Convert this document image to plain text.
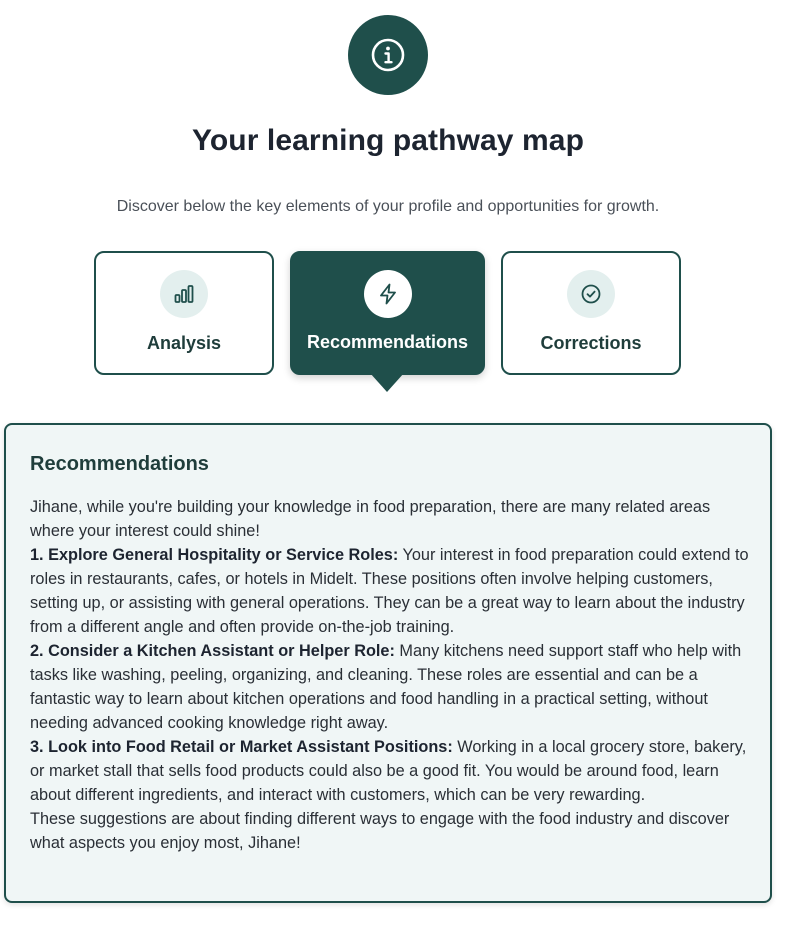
Your learning pathway map
Discover below the key elements of your profile and opportunities for growth.
Analysis	Recommendations	Corrections
Recommendations

Jihane, while you're building your knowledge in food preparation, there are many related areas where your interest could shine!

1. Explore General Hospitality or Service Roles: Your interest in food preparation could extend to roles in restaurants, cafes, or hotels in Midelt. These positions often involve helping customers, setting up, or assisting with general operations. They can be a great way to learn about the industry from a different angle and often provide on-the-job training.

2. Consider a Kitchen Assistant or Helper Role: Many kitchens need support staff who help with tasks like washing, peeling, organizing, and cleaning. These roles are essential and can be a fantastic way to learn about kitchen operations and food handling in a practical setting, without needing advanced cooking knowledge right away.

3. Look into Food Retail or Market Assistant Positions: Working in a local grocery store, bakery, or market stall that sells food products could also be a good fit. You would be around food, learn about different ingredients, and interact with customers, which can be very rewarding.

These suggestions are about finding different ways to engage with the food industry and discover what aspects you enjoy most, Jihane!
